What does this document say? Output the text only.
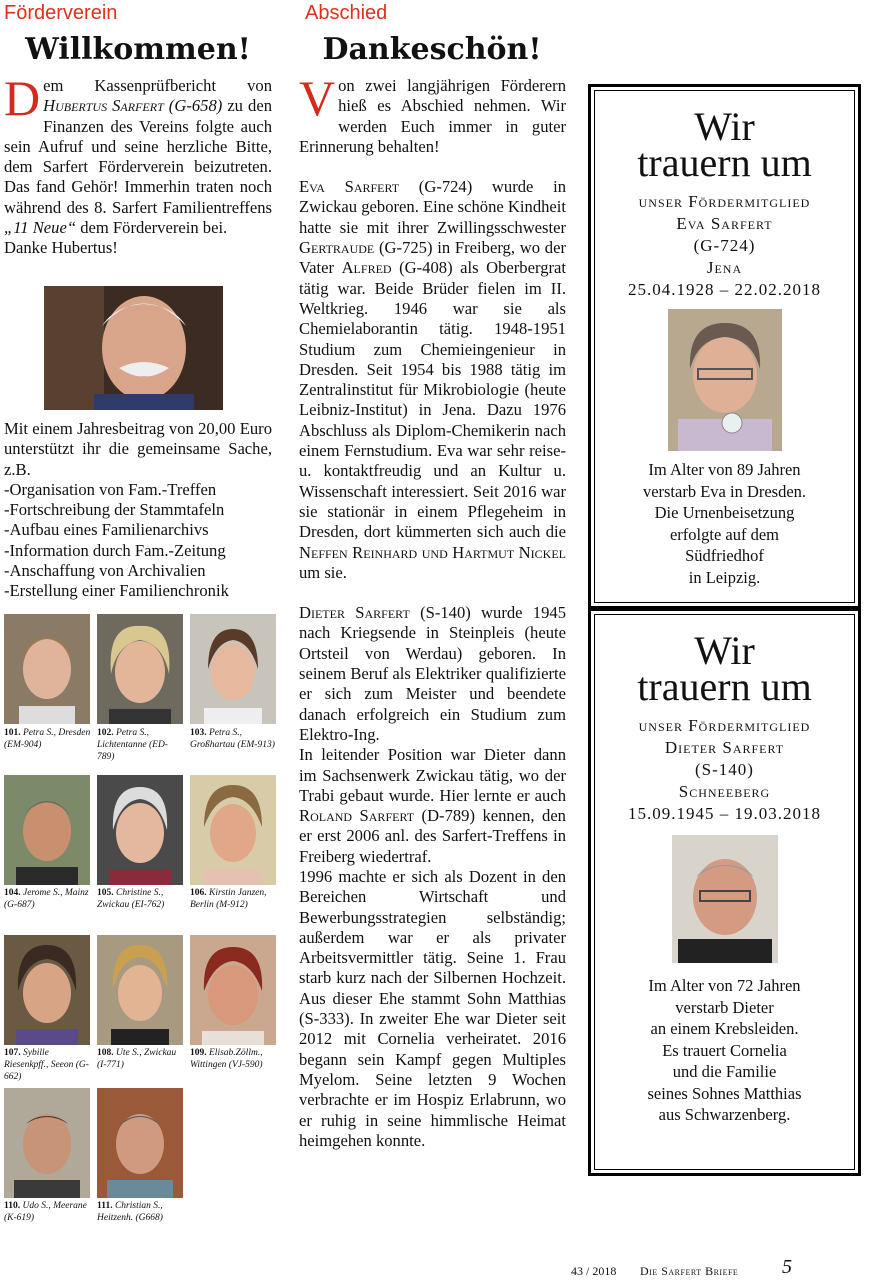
Förderverein
Willkommen!

Dem Kassenprüfbericht von Hubertus Sarfert (G-658) zu den Finanzen des Vereins folgte auch sein Aufruf und seine herzliche Bitte, dem Sarfert Förderverein beizutreten. Das fand Gehör! Immerhin traten noch während des 8. Sarfert Familientreffens „11 Neue“ dem Förderverein bei.

Danke Hubertus!

Mit einem Jahresbeitrag von 20,00 Euro unterstützt ihr die gemeinsame Sache, z.B.

-Organisation von Fam.-Treffen

-Fortschreibung der Stammtafeln

-Aufbau eines Familienarchivs

-Information durch Fam.-Zeitung

-Anschaffung von Archivalien

-Erstellung einer Familienchronik

101. Petra S., Dresden (EM-904)
102. Petra S., Lichtentanne (ED-789)
103. Petra S., Großhartau (EM-913)
104. Jerome S., Mainz (G-687)
105. Christine S., Zwickau (EI-762)
106. Kirstin Janzen, Berlin (M-912)
107. Sybille Riesenkpff., Seeon (G-662)
108. Ute S., Zwickau (I-771)
109. Elisab.Zöllm., Wittingen (VJ-590)
110. Udo S., Meerane (K-619)
111. Christian S., Heitzenh. (G668)
Abschied
Dankeschön!

Von zwei langjährigen Förderern hieß es Abschied nehmen. Wir werden Euch immer in guter Erinnerung behalten!

Eva Sarfert (G-724) wurde in Zwickau geboren. Eine schöne Kindheit hatte sie mit ihrer Zwillingsschwester Gertraude (G-725) in Freiberg, wo der Vater Alfred (G-408) als Oberbergrat tätig war. Beide Brüder fielen im II. Weltkrieg. 1946 war sie als Chemielaborantin tätig. 1948-1951 Studium zum Chemieingenieur in Dresden. Seit 1954 bis 1988 tätig im Zentralinstitut für Mikrobiologie (heute Leibniz-Institut) in Jena. Dazu 1976 Abschluss als Diplom-Chemikerin nach einem Fernstudium. Eva war sehr reise- u. kontaktfreudig und an Kultur u. Wissenschaft interessiert. Seit 2016 war sie stationär in einem Pflegeheim in Dresden, dort kümmerten sich auch die Neffen Reinhard und Hartmut Nickel um sie.

Dieter Sarfert (S-140) wurde 1945 nach Kriegsende in Steinpleis (heute Ortsteil von Werdau) geboren. In seinem Beruf als Elektriker qualifizierte er sich zum Meister und beendete danach erfolgreich ein Studium zum Elektro-Ing.

In leitender Position war Dieter dann im Sachsenwerk Zwickau tätig, wo der Trabi gebaut wurde. Hier lernte er auch Roland Sarfert (D-789) kennen, den er erst 2006 anl. des Sarfert-Treffens in Freiberg wiedertraf.

1996 machte er sich als Dozent in den Bereichen Wirtschaft und Bewerbungsstrategien selbständig; außerdem war er als privater Arbeitsvermittler tätig. Seine 1. Frau starb kurz nach der Silbernen Hochzeit. Aus dieser Ehe stammt Sohn Matthias (S-333). In zweiter Ehe war Dieter seit 2012 mit Cornelia verheiratet. 2016 begann sein Kampf gegen Multiples Myelom. Seine letzten 9 Wochen verbrachte er im Hospiz Erlabrunn, wo er ruhig in seine himmlische Heimat heimgehen konnte.

Wir
trauern um
unser Fördermitglied
Eva Sarfert
(G-724)
Jena
25.04.1928 – 22.02.2018
Im Alter von 89 Jahren
verstarb Eva in Dresden.
Die Urnenbeisetzung
erfolgte auf dem
Südfriedhof
in Leipzig.
Wir
trauern um
unser Fördermitglied
Dieter Sarfert
(S-140)
Schneeberg
15.09.1945 – 19.03.2018
Im Alter von 72 Jahren
verstarb Dieter
an einem Krebsleiden.
Es trauert Cornelia
und die Familie
seines Sohnes Matthias
aus Schwarzenberg.
43 / 2018 Die Sarfert Briefe 5
